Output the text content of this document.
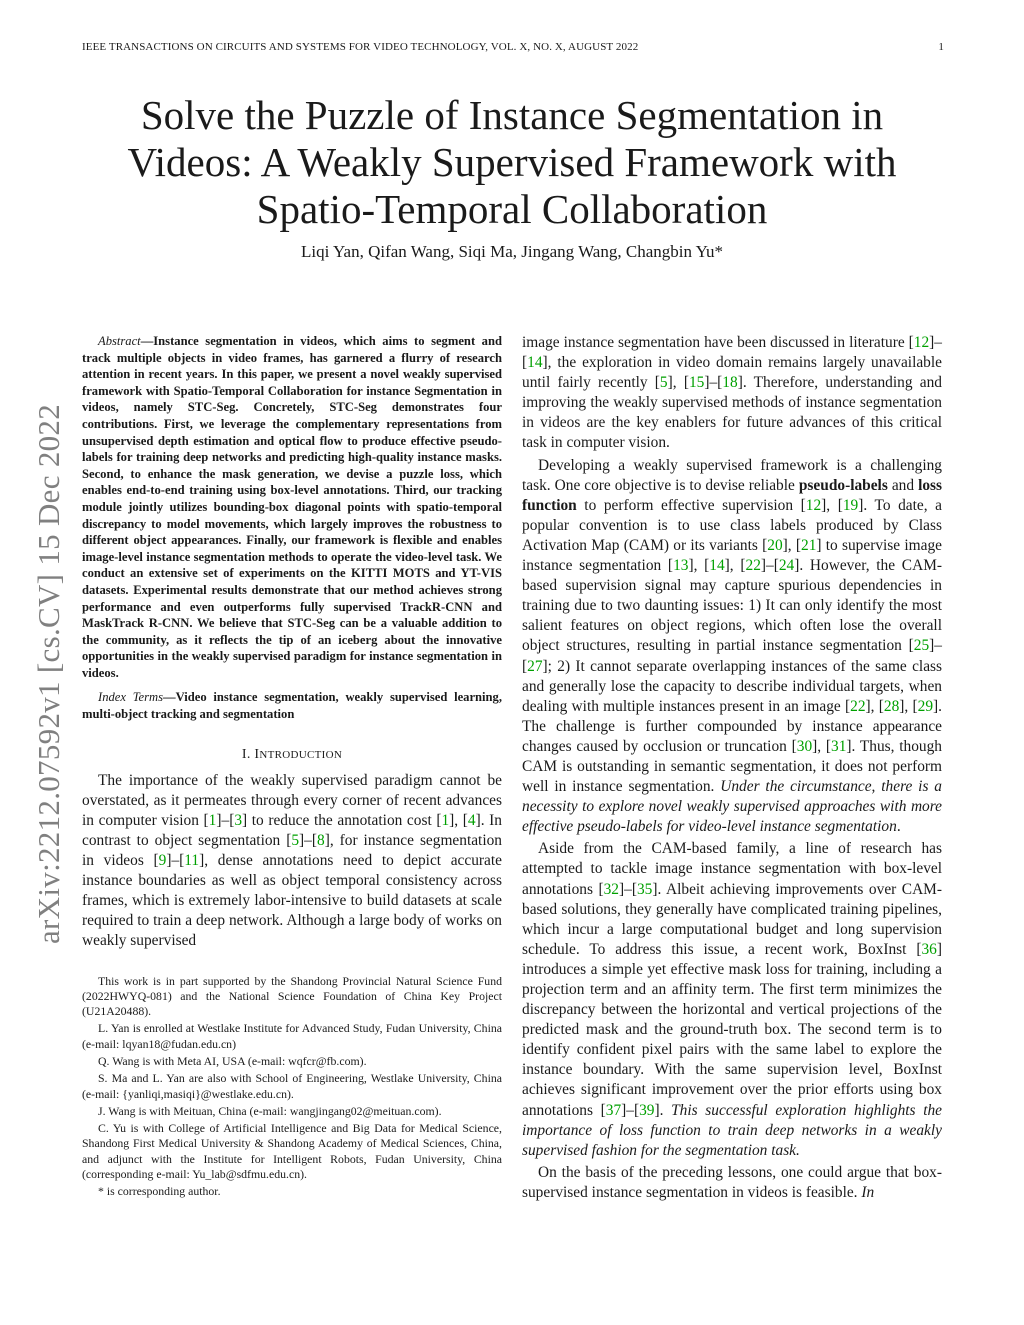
IEEE TRANSACTIONS ON CIRCUITS AND SYSTEMS FOR VIDEO TECHNOLOGY, VOL. X, NO. X, AUGUST 2022	1
Solve the Puzzle of Instance Segmentation in
Videos: A Weakly Supervised Framework with
Spatio-Temporal Collaboration
Liqi Yan, Qifan Wang, Siqi Ma, Jingang Wang, Changbin Yu*
arXiv:2212.07592v1 [cs.CV] 15 Dec 2022

Abstract—Instance segmentation in videos, which aims to segment and track multiple objects in video frames, has garnered a flurry of research attention in recent years. In this paper, we present a novel weakly supervised framework with Spatio-Temporal Collaboration for instance Segmentation in videos, namely STC-Seg. Concretely, STC-Seg demonstrates four contributions. First, we leverage the complementary representations from unsupervised depth estimation and optical flow to produce effective pseudo-labels for training deep networks and predicting high-quality instance masks. Second, to enhance the mask generation, we devise a puzzle loss, which enables end-to-end training using box-level annotations. Third, our tracking module jointly utilizes bounding-box diagonal points with spatio-temporal discrepancy to model movements, which largely improves the robustness to different object appearances. Finally, our framework is flexible and enables image-level instance segmentation methods to operate the video-level task. We conduct an extensive set of experiments on the KITTI MOTS and YT-VIS datasets. Experimental results demonstrate that our method achieves strong performance and even outperforms fully supervised TrackR-CNN and MaskTrack R-CNN. We believe that STC-Seg can be a valuable addition to the community, as it reflects the tip of an iceberg about the innovative opportunities in the weakly supervised paradigm for instance segmentation in videos.

Index Terms—Video instance segmentation, weakly supervised learning, multi-object tracking and segmentation

I. INTRODUCTION

The importance of the weakly supervised paradigm cannot be overstated, as it permeates through every corner of recent advances in computer vision [1]–[3] to reduce the annotation cost [1], [4]. In contrast to object segmentation [5]–[8], for instance segmentation in videos [9]–[11], dense annotations need to depict accurate instance boundaries as well as object temporal consistency across frames, which is extremely labor-intensive to build datasets at scale required to train a deep network. Although a large body of works on weakly supervised

This work is in part supported by the Shandong Provincial Natural Science Fund (2022HWYQ-081) and the National Science Foundation of China Key Project (U21A20488).

L. Yan is enrolled at Westlake Institute for Advanced Study, Fudan University, China (e-mail: lqyan18@fudan.edu.cn)

Q. Wang is with Meta AI, USA (e-mail: wqfcr@fb.com).

S. Ma and L. Yan are also with School of Engineering, Westlake University, China (e-mail: {yanliqi,masiqi}@westlake.edu.cn).

J. Wang is with Meituan, China (e-mail: wangjingang02@meituan.com).

C. Yu is with College of Artificial Intelligence and Big Data for Medical Science, Shandong First Medical University & Shandong Academy of Medical Sciences, China, and adjunct with the Institute for Intelligent Robots, Fudan University, China (corresponding e-mail: Yu_lab@sdfmu.edu.cn).

* is corresponding author.

image instance segmentation have been discussed in literature [12]–[14], the exploration in video domain remains largely unavailable until fairly recently [5], [15]–[18]. Therefore, understanding and improving the weakly supervised methods of instance segmentation in videos are the key enablers for future advances of this critical task in computer vision.

Developing a weakly supervised framework is a challenging task. One core objective is to devise reliable pseudo-labels and loss function to perform effective supervision [12], [19]. To date, a popular convention is to use class labels produced by Class Activation Map (CAM) or its variants [20], [21] to supervise image instance segmentation [13], [14], [22]–[24]. However, the CAM-based supervision signal may capture spurious dependencies in training due to two daunting issues: 1) It can only identify the most salient features on object regions, which often lose the overall object structures, resulting in partial instance segmentation [25]–[27]; 2) It cannot separate overlapping instances of the same class and generally lose the capacity to describe individual targets, when dealing with multiple instances present in an image [22], [28], [29]. The challenge is further compounded by instance appearance changes caused by occlusion or truncation [30], [31]. Thus, though CAM is outstanding in semantic segmentation, it does not perform well in instance segmentation. Under the circumstance, there is a necessity to explore novel weakly supervised approaches with more effective pseudo-labels for video-level instance segmentation.

Aside from the CAM-based family, a line of research has attempted to tackle image instance segmentation with box-level annotations [32]–[35]. Albeit achieving improvements over CAM-based solutions, they generally have complicated training pipelines, which incur a large computational budget and long supervision schedule. To address this issue, a recent work, BoxInst [36] introduces a simple yet effective mask loss for training, including a projection term and an affinity term. The first term minimizes the discrepancy between the horizontal and vertical projections of the predicted mask and the ground-truth box. The second term is to identify confident pixel pairs with the same label to explore the instance boundary. With the same supervision level, BoxInst achieves significant improvement over the prior efforts using box annotations [37]–[39]. This successful exploration highlights the importance of loss function to train deep networks in a weakly supervised fashion for the segmentation task.

On the basis of the preceding lessons, one could argue that box-supervised instance segmentation in videos is feasible. In
